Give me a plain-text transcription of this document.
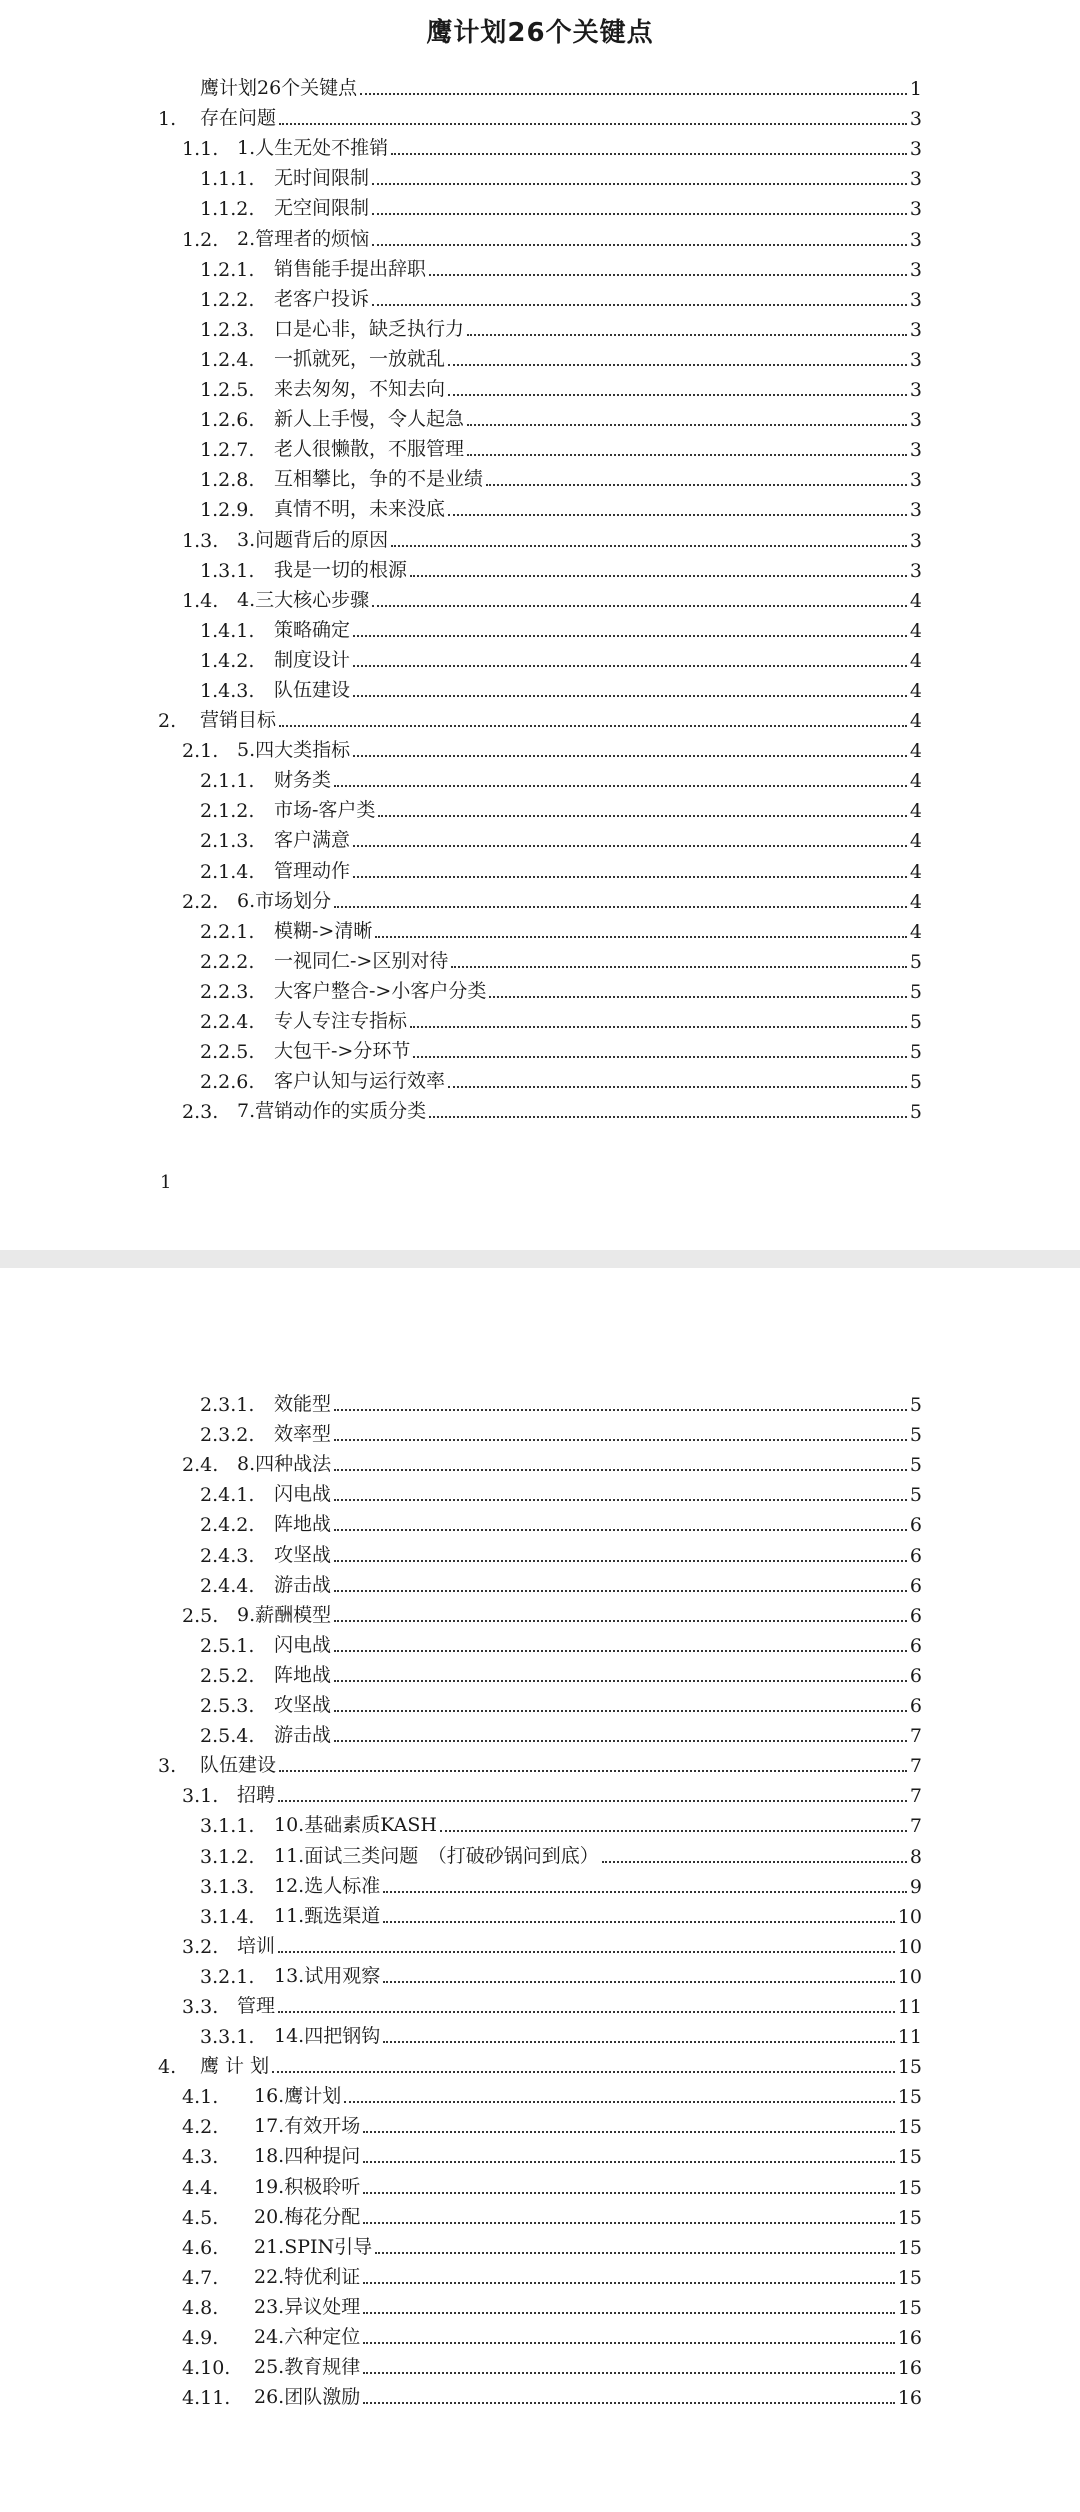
鹰计划26个关键点
鹰计划26个关键点	1
1.	存在问题	3
1.1. 1.人生无处不推销	3
1.1.1.	无时间限制	3
1.1.2.	无空间限制	3
1.2. 2.管理者的烦恼	3
1.2.1.	销售能手提出辞职	3
1.2.2.	老客户投诉	3
1.2.3.	口是心非，缺乏执行力	3
1.2.4.	一抓就死，一放就乱	3
1.2.5.	来去匆匆，不知去向	3
1.2.6.	新人上手慢，令人起急	3
1.2.7.	老人很懒散，不服管理	3
1.2.8.	互相攀比，争的不是业绩	3
1.2.9.	真情不明，未来没底	3
1.3. 3.问题背后的原因	3
1.3.1.	我是一切的根源	3
1.4. 4.三大核心步骤	4
1.4.1.	策略确定	4
1.4.2.	制度设计	4
1.4.3.	队伍建设	4
2.	营销目标	4
2.1. 5.四大类指标	4
2.1.1.	财务类	4
2.1.2.	市场-客户类	4
2.1.3.	客户满意	4
2.1.4.	管理动作	4
2.2. 6.市场划分	4
2.2.1.	模糊->清晰	4
2.2.2.	一视同仁->区别对待	5
2.2.3.	大客户整合->小客户分类	5
2.2.4.	专人专注专指标	5
2.2.5.	大包干->分环节	5
2.2.6.	客户认知与运行效率	5
2.3. 7.营销动作的实质分类	5
1
2.3.1.	效能型	5
2.3.2.	效率型	5
2.4. 8.四种战法	5
2.4.1.	闪电战	5
2.4.2.	阵地战	6
2.4.3.	攻坚战	6
2.4.4.	游击战	6
2.5. 9.薪酬模型	6
2.5.1.	闪电战	6
2.5.2.	阵地战	6
2.5.3.	攻坚战	6
2.5.4.	游击战	7
3.	队伍建设	7
3.1. 招聘	7
3.1.1.	10.基础素质KASH	7
3.1.2.	11.面试三类问题　（打破砂锅问到底）	8
3.1.3.	12.选人标准	9
3.1.4.	11.甄选渠道	10
3.2. 培训	10
3.2.1.	13.试用观察	10
3.3. 管理	11
3.3.1.	14.四把钢钩	11
4.	鹰 计 划	15
4.1.	16.鹰计划	15
4.2.	17.有效开场	15
4.3.	18.四种提问	15
4.4.	19.积极聆听	15
4.5.	20.梅花分配	15
4.6.	21.SPIN引导	15
4.7.	22.特优利证	15
4.8.	23.异议处理	15
4.9.	24.六种定位	16
4.10.	25.教育规律	16
4.11.	26.团队激励	16
